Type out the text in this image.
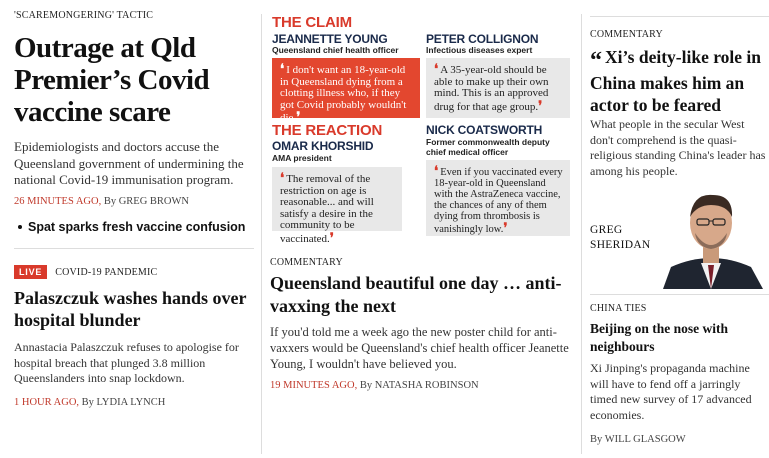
'SCAREMONGERING' TACTIC
Outrage at Qld Premier’s Covid vaccine scare
Epidemiologists and doctors accuse the Queensland government of undermining the national Covid-19 immunisation program.
26 MINUTES AGO, By GREG BROWN
Spat sparks fresh vaccine confusion
LIVE	COVID-19 PANDEMIC
Palaszczuk washes hands over hospital blunder
Annastacia Palaszczuk refuses to apologise for hospital breach that plunged 3.8 million Queenslanders into snap lockdown.
1 HOUR AGO, By LYDIA LYNCH
THE CLAIM
JEANNETTE YOUNG
Queensland chief health officer
❛ I don't want an 18-year-old in Queensland dying from a clotting illness who, if they got Covid probably wouldn't die.❜
PETER COLLIGNON
Infectious diseases expert
❛ A 35-year-old should be able to make up their own mind. This is an approved drug for that age group.❜
THE REACTION
OMAR KHORSHID
AMA president
❛ The removal of the restriction on age is reasonable... and will satisfy a desire in the community to be vaccinated.❜
NICK COATSWORTH
Former commonwealth deputy chief medical officer
❛ Even if you vaccinated every 18-year-old in Queensland with the AstraZeneca vaccine, the chances of any of them dying from thrombosis is vanishingly low.❜
COMMENTARY
Queensland beautiful one day … anti-vaxxing the next
If you'd told me a week ago the new poster child for anti-vaxxers would be Queensland's chief health officer Jeanette Young, I wouldn't have believed you.
19 MINUTES AGO, By NATASHA ROBINSON
COMMENTARY
“ Xi’s deity-like role in China makes him an actor to be feared
What people in the secular West don't comprehend is the quasi-religious standing China's leader has among his people.
GREG
SHERIDAN
CHINA TIES
Beijing on the nose with neighbours
Xi Jinping's propaganda machine will have to fend off a jarringly timed new survey of 17 advanced economies.
By WILL GLASGOW
